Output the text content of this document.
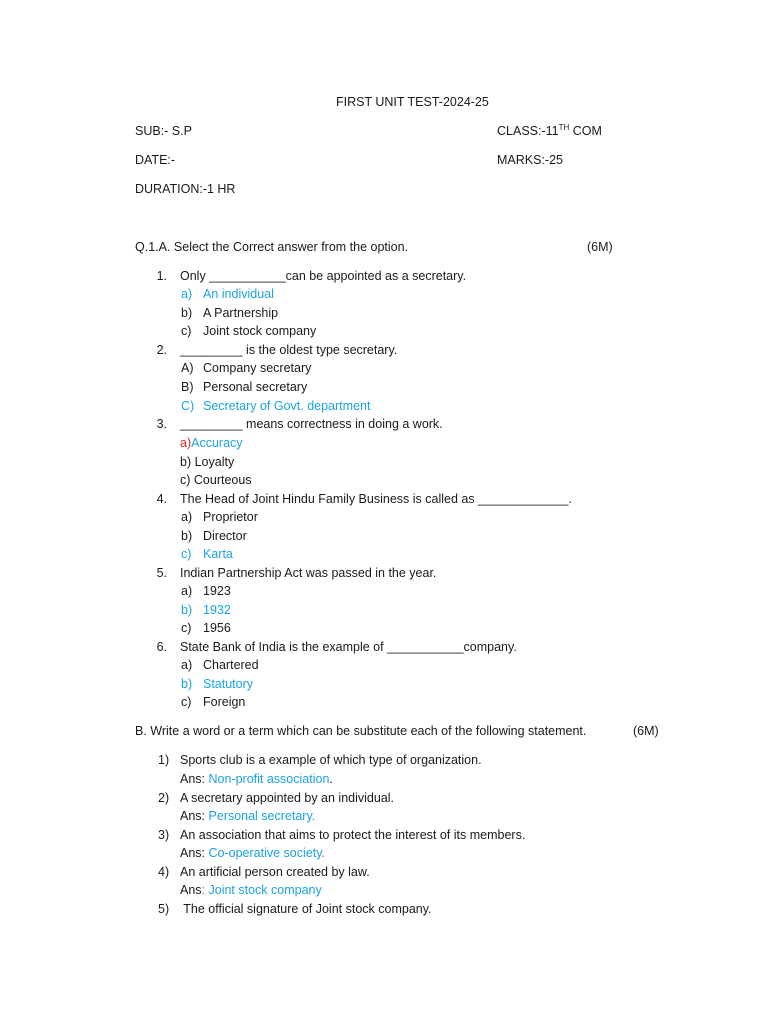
FIRST UNIT TEST-2024-25
SUB:- S.P	CLASS:-11TH COM
DATE:-	MARKS:-25
DURATION:-1 HR
Q.1.A. Select the Correct answer from the option.	(6M)
1. Only ___________can be appointed as a secretary.
a) An individual
b) A Partnership
c) Joint stock company
2. _________ is the oldest type secretary.
A) Company secretary
B) Personal secretary
C) Secretary of Govt. department
3. _________ means correctness in doing a work.
a)Accuracy
b) Loyalty
c) Courteous
4. The Head of Joint Hindu Family Business is called as _____________.
a) Proprietor
b) Director
c) Karta
5. Indian Partnership Act was passed in the year.
a) 1923
b) 1932
c) 1956
6. State Bank of India is the example of ___________company.
a) Chartered
b) Statutory
c) Foreign
B. Write a word or a term which can be substitute each of the following statement.	(6M)
1) Sports club is a example of which type of organization.
Ans: Non-profit association.
2) A secretary appointed by an individual.
Ans: Personal secretary.
3) An association that aims to protect the interest of its members.
Ans: Co-operative society.
4) An artificial person created by law.
Ans: Joint stock company
5) The official signature of Joint stock company.
